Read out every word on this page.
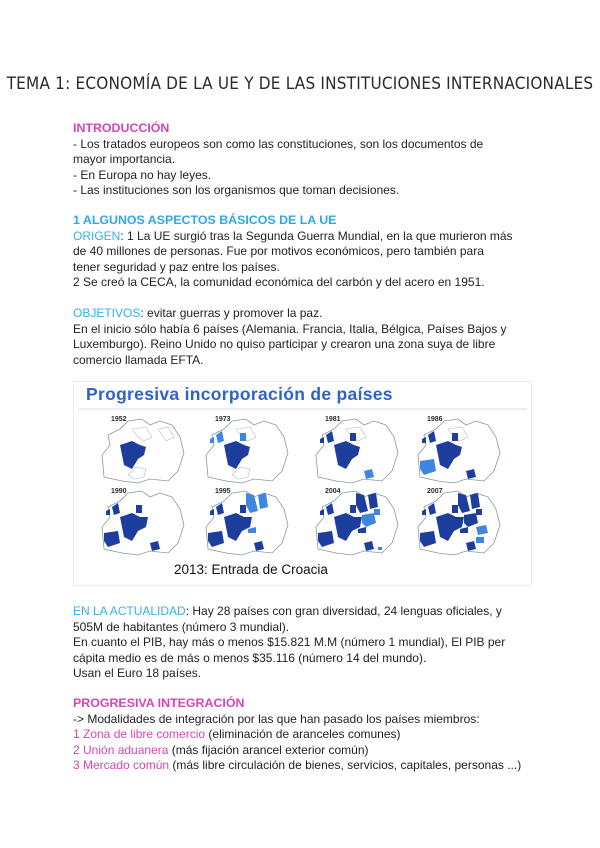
TEMA 1: ECONOMÍA DE LA UE Y DE LAS INSTITUCIONES INTERNACIONALES
INTRODUCCIÓN
- Los tratados europeos son como las constituciones, son los documentos de
mayor importancia.
- En Europa no hay leyes.
- Las instituciones son los organismos que toman decisiones.
1 ALGUNOS ASPECTOS BÁSICOS DE LA UE
ORIGEN: 1 La UE surgió tras la Segunda Guerra Mundial, en la que murieron más
de 40 millones de personas. Fue por motivos económicos, pero también para
tener seguridad y paz entre los países.
2 Se creó la CECA, la comunidad económica del carbón y del acero en 1951.
OBJETIVOS: evitar guerras y promover la paz.
En el inicio sólo había 6 países (Alemania. Francia, Italia, Bélgica, Países Bajos y
Luxemburgo). Reino Unido no quiso participar y crearon una zona suya de libre
comercio llamada EFTA.
Progresiva incorporación de países
1952	1973	1981	1986
1990	1995	2004	2007
2013: Entrada de Croacia
EN LA ACTUALIDAD: Hay 28 países con gran diversidad, 24 lenguas oficiales, y
505M de habitantes (número 3 mundial).
En cuanto el PIB, hay más o menos $15.821 M.M (número 1 mundial), El PIB per
cápita medio es de más o menos $35.116 (número 14 del mundo).
Usan el Euro 18 países.
PROGRESIVA INTEGRACIÓN
-> Modalidades de integración por las que han pasado los países miembros:
1 Zona de libre comercio (eliminación de aranceles comunes)
2 Unión aduanera (más fijación arancel exterior común)
3 Mercado común (más libre circulación de bienes, servicios, capitales, personas ...)
